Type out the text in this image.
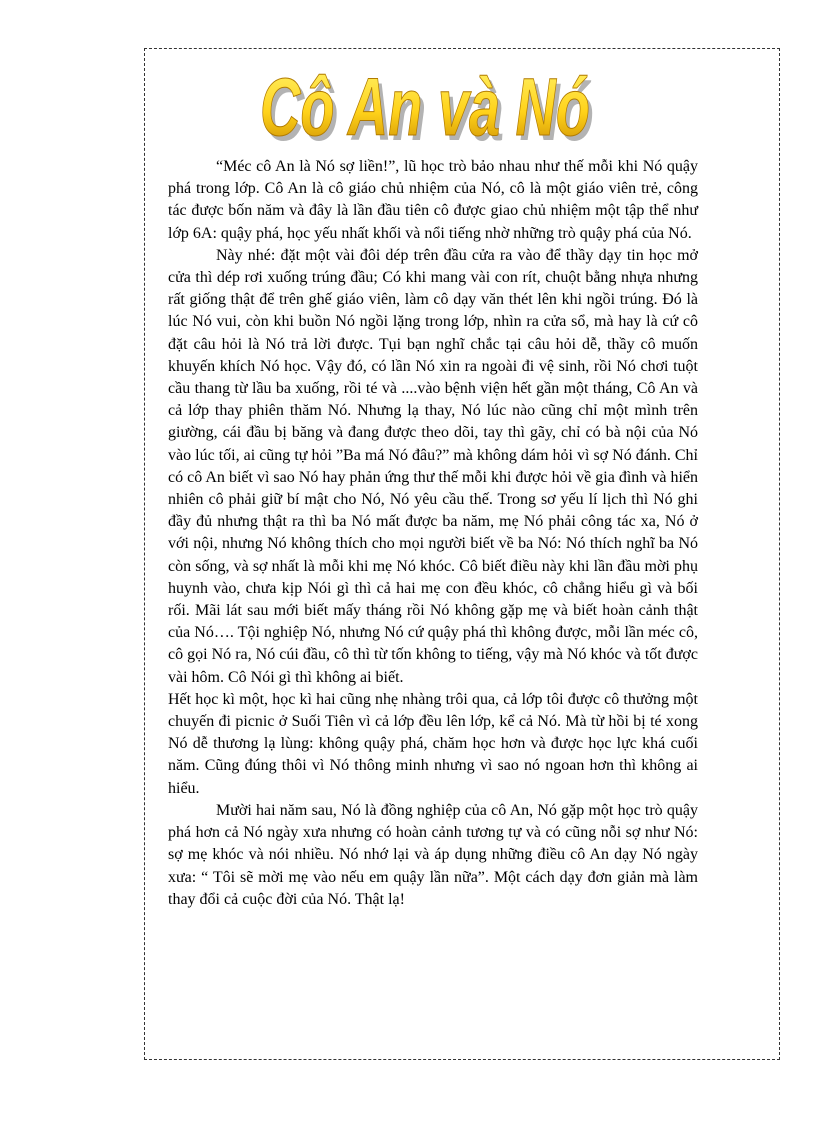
Cô An và Nó
Cô An và Nó

“Méc cô An là Nó sợ liền!”, lũ học trò bảo nhau như thế mỗi khi Nó quậy phá trong lớp. Cô An là cô giáo chủ nhiệm của Nó, cô là một giáo viên trẻ, công tác được bốn năm và đây là lần đầu tiên cô được giao chủ nhiệm một tập thể như lớp 6A: quậy phá, học yếu nhất khối và nổi tiếng nhờ những trò quậy phá của Nó.

Này nhé: đặt một vài đôi dép trên đầu cửa ra vào để thầy dạy tin học mở cửa thì dép rơi xuống trúng đầu; Có khi mang vài con rít, chuột bằng nhựa nhưng rất giống thật để trên ghế giáo viên, làm cô dạy văn thét lên khi ngồi trúng. Đó là lúc Nó vui, còn khi buồn Nó ngồi lặng trong lớp, nhìn ra cửa sổ, mà hay là cứ cô đặt câu hỏi là Nó trả lời được. Tụi bạn nghĩ chắc tại câu hỏi dễ, thầy cô muốn khuyến khích Nó học. Vậy đó, có lần Nó xin ra ngoài đi vệ sinh, rồi Nó chơi tuột cầu thang từ lầu ba xuống, rồi té và ....vào bệnh viện hết gần một tháng, Cô An và cả lớp thay phiên thăm Nó. Nhưng lạ thay, Nó lúc nào cũng chỉ một mình trên giường, cái đầu bị băng và đang được theo dõi, tay thì gãy, chỉ có bà nội của Nó vào lúc tối, ai cũng tự hỏi ”Ba má Nó đâu?” mà không dám hỏi vì sợ Nó đánh. Chỉ có cô An biết vì sao Nó hay phản ứng thư thế mỗi khi được hỏi về gia đình và hiển nhiên cô phải giữ bí mật cho Nó, Nó yêu cầu thế. Trong sơ yếu lí lịch thì Nó ghi đầy đủ nhưng thật ra thì ba Nó mất được ba năm, mẹ Nó phải công tác xa, Nó ở với nội, nhưng Nó không thích cho mọi người biết về ba Nó: Nó thích nghĩ ba Nó còn sống, và sợ nhất là mỗi khi mẹ Nó khóc. Cô biết điều này khi lần đầu mời phụ huynh vào, chưa kịp Nói gì thì cả hai mẹ con đều khóc, cô chẳng hiểu gì và bối rối. Mãi lát sau mới biết mấy tháng rồi Nó không gặp mẹ và biết hoàn cảnh thật của Nó…. Tội nghiệp Nó, nhưng Nó cứ quậy phá thì không được, mỗi lần méc cô, cô gọi Nó ra, Nó cúi đầu, cô thì từ tốn không to tiếng, vậy mà Nó khóc và tốt được vài hôm. Cô Nói gì thì không ai biết.

Hết học kì một, học kì hai cũng nhẹ nhàng trôi qua, cả lớp tôi được cô thưởng một chuyến đi picnic ở Suối Tiên vì cả lớp đều lên lớp, kể cả Nó. Mà từ hồi bị té xong Nó dễ thương lạ lùng: không quậy phá, chăm học hơn và được học lực khá cuối năm. Cũng đúng thôi vì Nó thông minh nhưng vì sao nó ngoan hơn thì không ai hiểu.

Mười hai năm sau, Nó là đồng nghiệp của cô An, Nó gặp một học trò quậy phá hơn cả Nó ngày xưa nhưng có hoàn cảnh tương tự và có cũng nỗi sợ như Nó: sợ mẹ khóc và nói nhiều. Nó nhớ lại và áp dụng những điều cô An dạy Nó ngày xưa: “ Tôi sẽ mời mẹ vào nếu em quậy lần nữa”. Một cách dạy đơn giản mà làm thay đổi cả cuộc đời của Nó. Thật lạ!
